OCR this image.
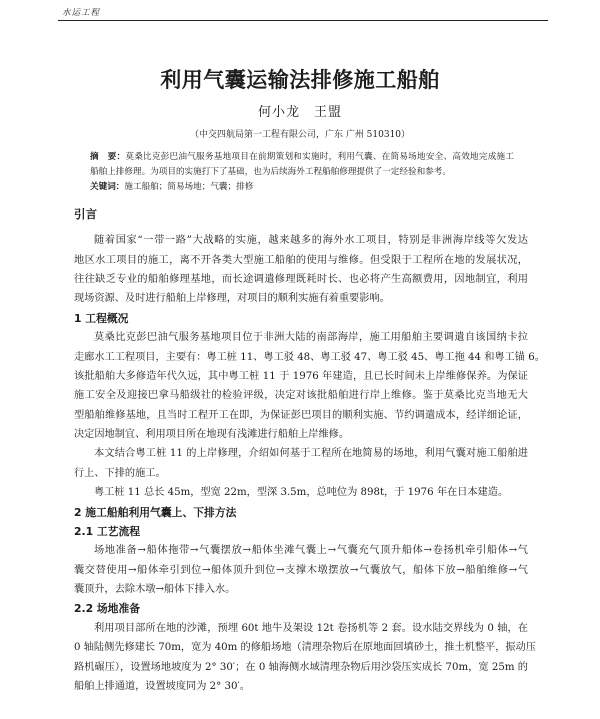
水运工程
利用气囊运输法排修施工船舶
何小龙　王盟
（中交四航局第一工程有限公司，广东 广州 510310）
摘　要：莫桑比克彭巴油气服务基地项目在前期策划和实施时，利用气囊、在简易场地安全、高效地完成施工
船舶上排修理。为项目的实施打下了基础，也为后续海外工程船舶修理提供了一定经验和参考。
关键词：施工船舶；简易场地；气囊；排修
引言
随着国家“一带一路”大战略的实施，越来越多的海外水工项目，特别是非洲海岸线等欠发达
地区水工项目的施工，离不开各类大型施工船舶的使用与维修。但受限于工程所在地的发展状况，
往往缺乏专业的船舶修理基地，而长途调遣修理既耗时长、也必将产生高额费用，因地制宜，利用
现场资源、及时进行船舶上岸修理，对项目的顺利实施有着重要影响。
1 工程概况
莫桑比克彭巴油气服务基地项目位于非洲大陆的南部海岸，施工用船舶主要调遣自该国纳卡拉
走廊水工工程项目，主要有：粤工桩 11、粤工驳 48、粤工驳 47、粤工驳 45、粤工拖 44 和粤工锚 6。
该批船舶大多修造年代久远，其中粤工桩 11 于 1976 年建造，且已长时间未上岸维修保养。为保证
施工安全及迎接巴拿马船级社的检验评级，决定对该批船舶进行岸上维修。鉴于莫桑比克当地无大
型船舶维修基地，且当时工程开工在即，为保证彭巴项目的顺利实施、节约调遣成本，经详细论证，
决定因地制宜、利用项目所在地现有浅滩进行船舶上岸维修。
本文结合粤工桩 11 的上岸修理，介绍如何基于工程所在地简易的场地，利用气囊对施工船舶进
行上、下排的施工。
粤工桩 11 总长 45m，型宽 22m，型深 3.5m，总吨位为 898t，于 1976 年在日本建造。
2 施工船舶利用气囊上、下排方法
2.1 工艺流程
场地准备→船体拖带→气囊摆放→船体坐滩气囊上→气囊充气顶升船体→卷扬机牵引船体→气
囊交替使用→船体牵引到位→船体顶升到位→支撑木墩摆放→气囊放气，船体下放→船舶维修→气
囊顶升，去除木墩→船体下排入水。
2.2 场地准备
利用项目部所在地的沙滩，预埋 60t 地牛及架设 12t 卷扬机等 2 套。设水陆交界线为 0 轴，在
0 轴陆侧先修建长 70m，宽为 40m 的修船场地（清理杂物后在原地面回填砂土，推土机整平，振动压
路机碾压），设置场地坡度为 2° 30′；在 0 轴海侧水域清理杂物后用沙袋压实成长 70m，宽 25m 的
船舶上排通道，设置坡度同为 2° 30′。
